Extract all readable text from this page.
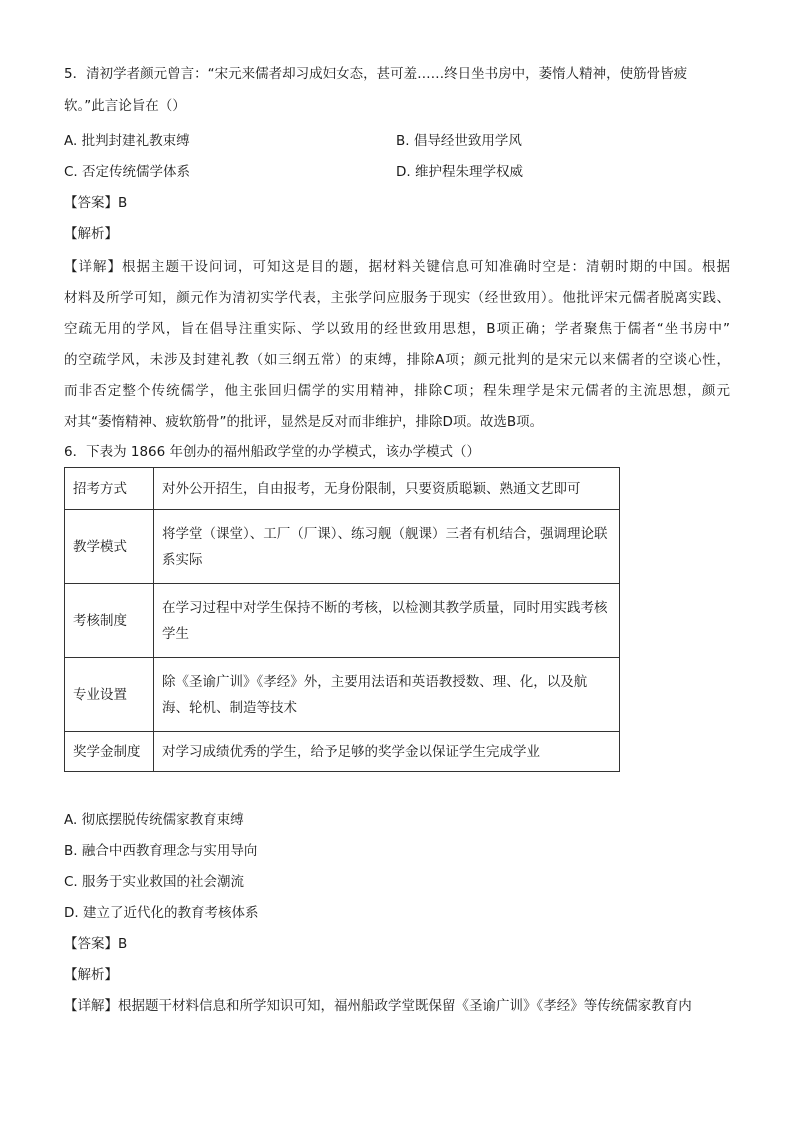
5．清初学者颜元曾言：“宋元来儒者却习成妇女态，甚可羞……终日坐书房中，萎惰人精神，使筋骨皆疲
软。”此言论旨在（）
A. 批判封建礼教束缚	B. 倡导经世致用学风
C. 否定传统儒学体系	D. 维护程朱理学权威
【答案】B
【解析】
【详解】根据主题干设问词，可知这是目的题，据材料关键信息可知准确时空是：清朝时期的中国。根据
材料及所学可知，颜元作为清初实学代表，主张学问应服务于现实（经世致用）。他批评宋元儒者脱离实践、
空疏无用的学风，旨在倡导注重实际、学以致用的经世致用思想，B项正确；学者聚焦于儒者“坐书房中”
的空疏学风，未涉及封建礼教（如三纲五常）的束缚，排除A项；颜元批判的是宋元以来儒者的空谈心性，
而非否定整个传统儒学，他主张回归儒学的实用精神，排除C项；程朱理学是宋元儒者的主流思想，颜元
对其“萎惰精神、疲软筋骨”的批评，显然是反对而非维护，排除D项。故选B项。
6．下表为 1866 年创办的福州船政学堂的办学模式，该办学模式（）
招考方式	对外公开招生，自由报考，无身份限制，只要资质聪颖、熟通文艺即可
教学模式	将学堂（课堂）、工厂（厂课）、练习舰（舰课）三者有机结合，强调理论联系实际
考核制度	在学习过程中对学生保持不断的考核，以检测其教学质量，同时用实践考核学生
专业设置	除《圣谕广训》《孝经》外，主要用法语和英语教授数、理、化，以及航海、轮机、制造等技术
奖学金制度	对学习成绩优秀的学生，给予足够的奖学金以保证学生完成学业
A. 彻底摆脱传统儒家教育束缚
B. 融合中西教育理念与实用导向
C. 服务于实业救国的社会潮流
D. 建立了近代化的教育考核体系
【答案】B
【解析】
【详解】根据题干材料信息和所学知识可知，福州船政学堂既保留《圣谕广训》《孝经》等传统儒家教育内
